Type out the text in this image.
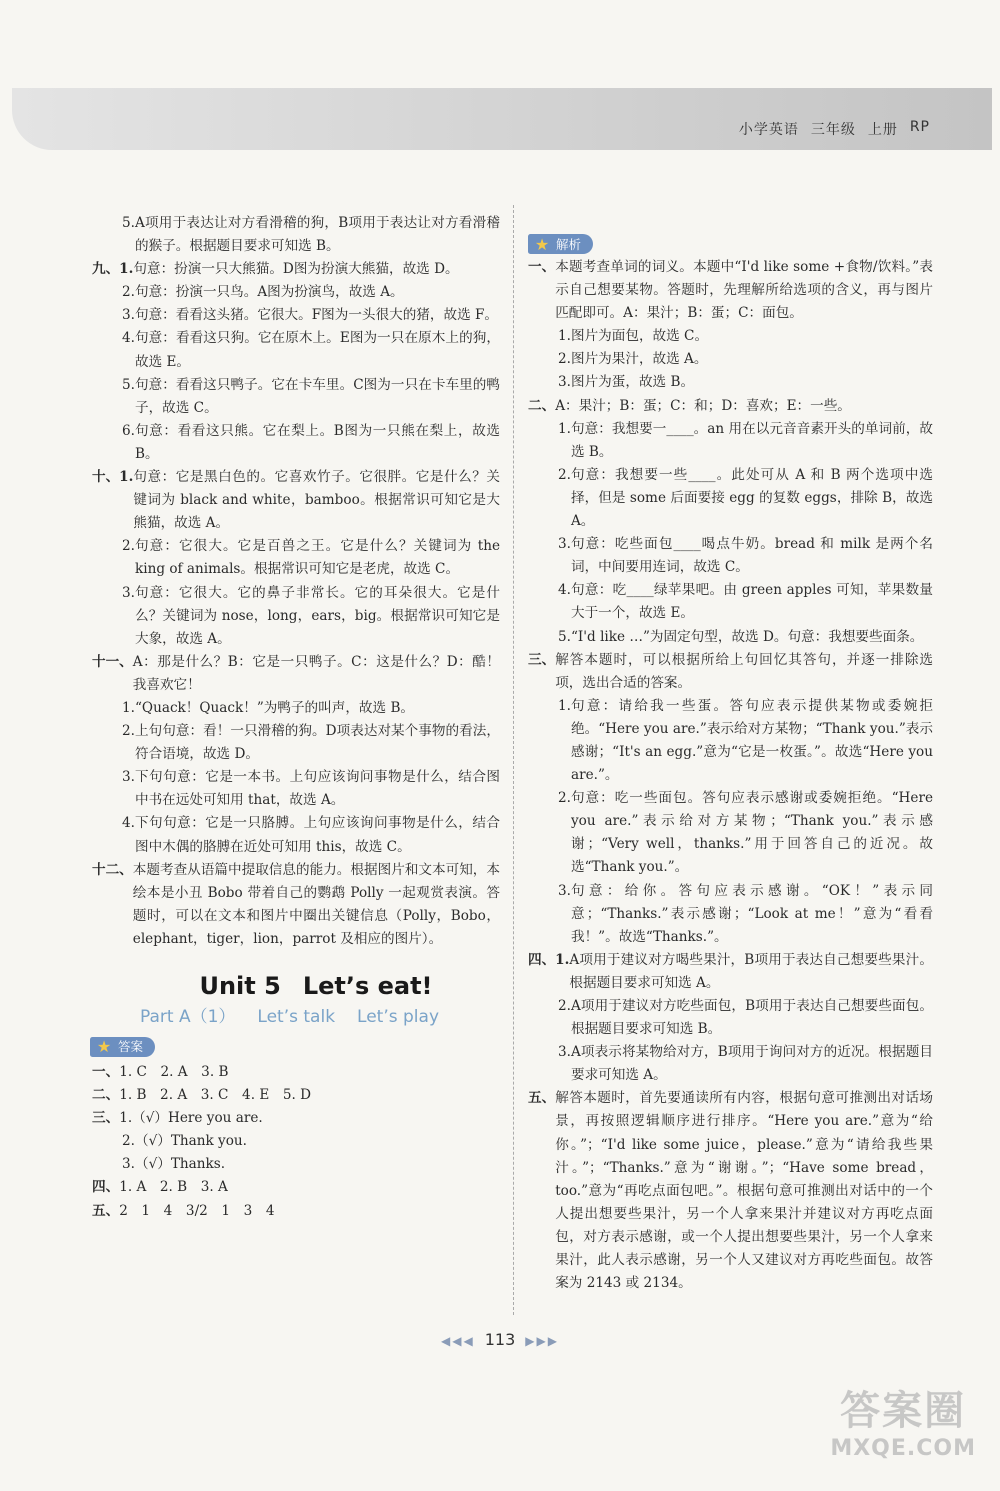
小学英语 三年级 上册 RP
5. A项用于表达让对方看滑稽的狗，B项用于表达让对方看滑稽的猴子。根据题目要求可知选 B。
九、1. 句意：扮演一只大熊猫。D图为扮演大熊猫，故选 D。
2. 句意：扮演一只鸟。A图为扮演鸟，故选 A。
3. 句意：看看这头猪。它很大。F图为一头很大的猪，故选 F。
4. 句意：看看这只狗。它在原木上。E图为一只在原木上的狗，故选 E。
5. 句意：看看这只鸭子。它在卡车里。C图为一只在卡车里的鸭子，故选 C。
6. 句意：看看这只熊。它在梨上。B图为一只熊在梨上，故选 B。
十、1. 句意：它是黑白色的。它喜欢竹子。它很胖。它是什么？关键词为 black and white，bamboo。根据常识可知它是大熊猫，故选 A。
2. 句意：它很大。它是百兽之王。它是什么？关键词为 the king of animals。根据常识可知它是老虎，故选 C。
3. 句意：它很大。它的鼻子非常长。它的耳朵很大。它是什么？关键词为 nose，long，ears，big。根据常识可知它是大象，故选 A。
十一、 A：那是什么？B：它是一只鸭子。C：这是什么？D：酷！我喜欢它！
1. “Quack！Quack！”为鸭子的叫声，故选 B。
2. 上句句意：看！一只滑稽的狗。D项表达对某个事物的看法，符合语境，故选 D。
3. 下句句意：它是一本书。上句应该询问事物是什么，结合图中书在远处可知用 that，故选 A。
4. 下句句意：它是一只胳膊。上句应该询问事物是什么，结合图中木偶的胳膊在近处可知用 this，故选 C。
十二、 本题考查从语篇中提取信息的能力。根据图片和文本可知，本绘本是小丑 Bobo 带着自己的鹦鹉 Polly 一起观赏表演。答题时，可以在文本和图片中圈出关键信息（Polly，Bobo，elephant，tiger，lion，parrot 及相应的图片）。
Unit 5 Let’s eat!
Part A（1） Let’s talk Let’s play
★ 答案
一、 1. C　2. A　3. B
二、 1. B　2. A　3. C　4. E　5. D
三、 1.（√）Here you are.
2.（√）Thank you.
3.（√）Thanks.
四、 1. A　2. B　3. A
五、 2　1　4　3/2　1　3　4
★ 解析
一、 本题考查单词的词义。本题中“I'd like some +食物/饮料。”表示自己想要某物。答题时，先理解所给选项的含义，再与图片匹配即可。A：果汁；B：蛋；C：面包。
1. 图片为面包，故选 C。
2. 图片为果汁，故选 A。
3. 图片为蛋，故选 B。
二、 A：果汁；B：蛋；C：和；D：喜欢；E：一些。
1. 句意：我想要一____。an 用在以元音音素开头的单词前，故选 B。
2. 句意：我想要一些____。此处可从 A 和 B 两个选项中选择，但是 some 后面要接 egg 的复数 eggs，排除 B，故选 A。
3. 句意：吃些面包____喝点牛奶。bread 和 milk 是两个名词，中间要用连词，故选 C。
4. 句意：吃____绿苹果吧。由 green apples 可知，苹果数量大于一个，故选 E。
5. “I'd like …”为固定句型，故选 D。句意：我想要些面条。
三、 解答本题时，可以根据所给上句回忆其答句，并逐一排除选项，选出合适的答案。
1. 句意：请给我一些蛋。答句应表示提供某物或委婉拒绝。“Here you are.”表示给对方某物；“Thank you.”表示感谢；“It's an egg.”意为“它是一枚蛋。”。故选“Here you are.”。
2. 句意：吃一些面包。答句应表示感谢或委婉拒绝。“Here you are.”表示给对方某物；“Thank you.”表示感谢；“Very well，thanks.”用于回答自己的近况。故选“Thank you.”。
3. 句意：给你。答句应表示感谢。“OK！”表示同意；“Thanks.”表示感谢；“Look at me！”意为“看看我！”。故选“Thanks.”。
四、1. A项用于建议对方喝些果汁，B项用于表达自己想要些果汁。根据题目要求可知选 A。
2. A项用于建议对方吃些面包，B项用于表达自己想要些面包。根据题目要求可知选 B。
3. A项表示将某物给对方，B项用于询问对方的近况。根据题目要求可知选 A。
五、 解答本题时，首先要通读所有内容，根据句意可推测出对话场景，再按照逻辑顺序进行排序。“Here you are.”意为“给你。”；“I'd like some juice，please.”意为“请给我些果汁。”；“Thanks.”意为“谢谢。”；“Have some bread，too.”意为“再吃点面包吧。”。根据句意可推测出对话中的一个人提出想要些果汁，另一个人拿来果汁并建议对方再吃点面包，对方表示感谢，或一个人提出想要些果汁，另一个人拿来果汁，此人表示感谢，另一个人又建议对方再吃些面包。故答案为 2143 或 2134。
◀◀◀ 113 ▶▶▶
答案圈
MXQE.COM
